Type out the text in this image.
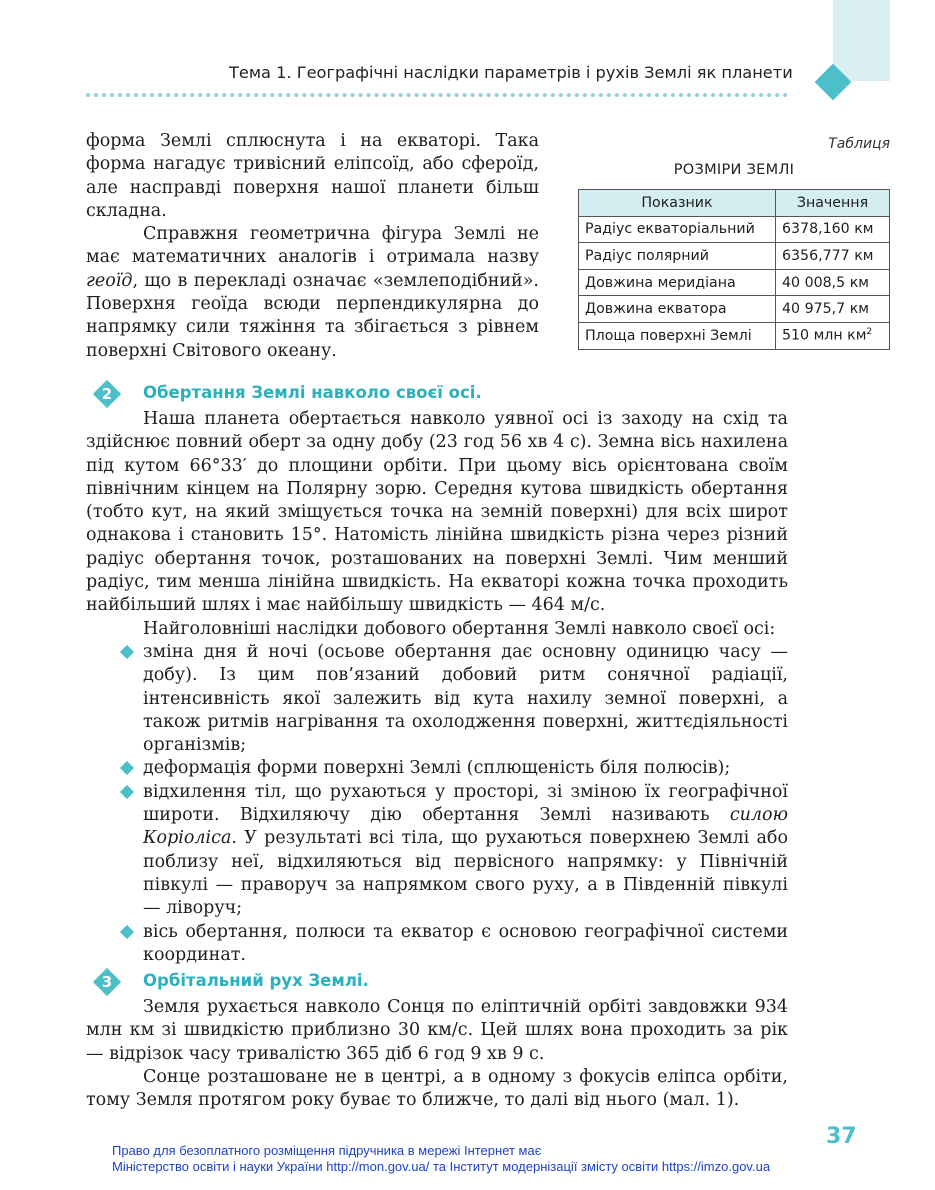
Тема 1. Географічні наслідки параметрів і рухів Землі як планети

форма Землі сплюснута і на екваторі. Така форма нагадує тривісний еліпсоїд, або сфероїд, але насправді поверхня нашої планети більш складна.

Справжня геометрична фігура Землі не має математичних аналогів і отримала назву геоїд, що в перекладі означає «землеподібний». Поверхня геоїда всюди перпендикулярна до напрямку сили тяжіння та збігається з рівнем поверхні Світового океану.

Таблиця
РОЗМІРИ ЗЕМЛІ
Показник	Значення
Радіус екваторіальний	6378,160 км
Радіус полярний	6356,777 км
Довжина меридіана	40 008,5 км
Довжина екватора	40 975,7 км
Площа поверхні Землі	510 млн $км^2$
2	Обертання Землі навколо своєї осі.

Наша планета обертається навколо уявної осі із заходу на схід та здійснює повний оберт за одну добу (23 год 56 хв 4 с). Земна вісь нахилена під кутом 66°33′ до площини орбіти. При цьому вісь орієнтована своїм північним кінцем на Полярну зорю. Середня кутова швидкість обертання (тобто кут, на який зміщується точка на земній поверхні) для всіх широт однакова і становить 15°. Натомість лінійна швидкість різна через різний радіус обертання точок, розташованих на поверхні Землі. Чим менший радіус, тим менша лінійна швидкість. На екваторі кожна точка проходить найбільший шлях і має найбільшу швидкість — 464 м/с.

Найголовніші наслідки добового обертання Землі навколо своєї осі:

зміна дня й ночі (осьове обертання дає основну одиницю часу — добу). Із цим пов’язаний добовий ритм сонячної радіації, інтенсивність якої залежить від кута нахилу земної поверхні, а також ритмів нагрівання та охолодження поверхні, життєдіяльності організмів;
деформація форми поверхні Землі (сплющеність біля полюсів);
відхилення тіл, що рухаються у просторі, зі зміною їх географічної широти. Відхиляючу дію обертання Землі називають силою Коріоліса. У результаті всі тіла, що рухаються поверхнею Землі або поблизу неї, відхиляються від первісного напрямку: у Північній півкулі — праворуч за напрямком свого руху, а в Південній півкулі — ліворуч;
вісь обертання, полюси та екватор є основою географічної системи координат.
3	Орбітальний рух Землі.

Земля рухається навколо Сонця по еліптичній орбіті завдовжки 934 млн км зі швидкістю приблизно 30 км/с. Цей шлях вона проходить за рік — відрізок часу тривалістю 365 діб 6 год 9 хв 9 с.

Сонце розташоване не в центрі, а в одному з фокусів еліпса орбіти, тому Земля протягом року буває то ближче, то далі від нього (мал. 1).

37
Право для безоплатного розміщення підручника в мережі Інтернет має
Міністерство освіти і науки України http://mon.gov.ua/ та Інститут модернізації змісту освіти https://imzo.gov.ua
